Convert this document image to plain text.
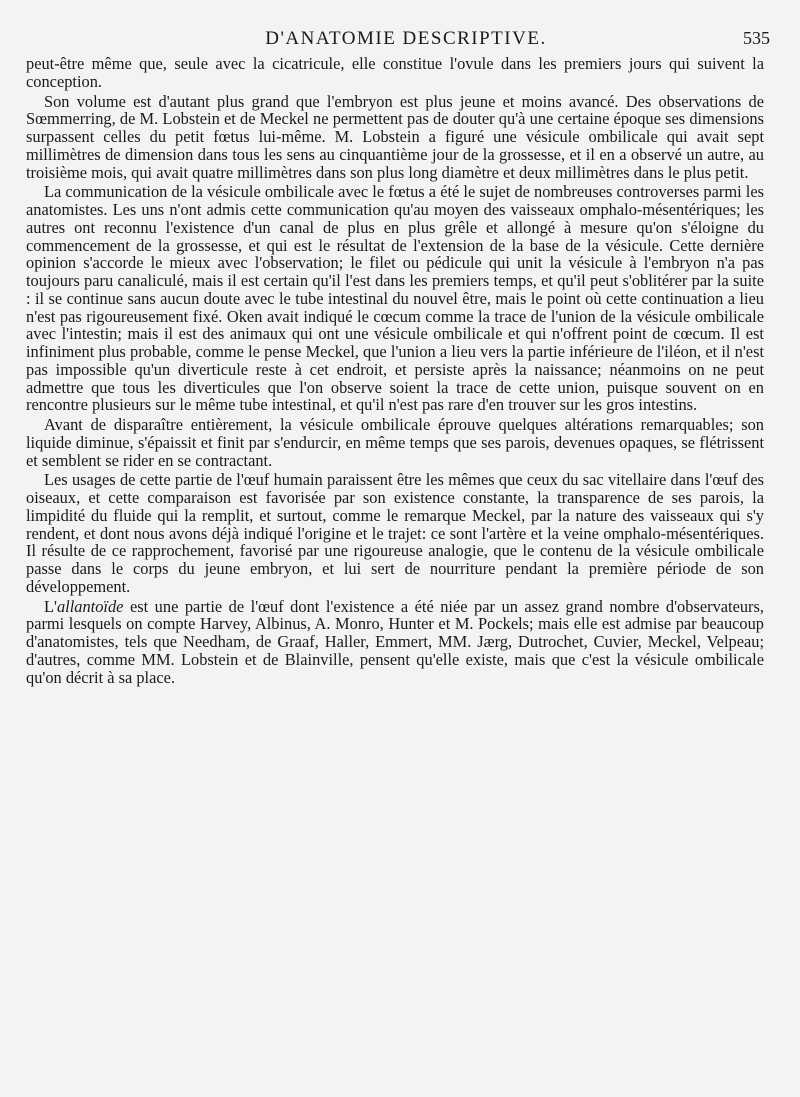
D'ANATOMIE DESCRIPTIVE.	535

peut-être même que, seule avec la cicatricule, elle constitue l'ovule dans les premiers jours qui suivent la conception.

Son volume est d'autant plus grand que l'embryon est plus jeune et moins avancé. Des observations de Sœmmerring, de M. Lobstein et de Meckel ne permettent pas de douter qu'à une certaine époque ses dimensions surpassent celles du petit fœtus lui-même. M. Lobstein a figuré une vésicule ombilicale qui avait sept millimètres de dimension dans tous les sens au cinquantième jour de la grossesse, et il en a observé un autre, au troisième mois, qui avait quatre millimètres dans son plus long diamètre et deux millimètres dans le plus petit.

La communication de la vésicule ombilicale avec le fœtus a été le sujet de nombreuses controverses parmi les anatomistes. Les uns n'ont admis cette communication qu'au moyen des vaisseaux omphalo-mésentériques; les autres ont reconnu l'existence d'un canal de plus en plus grêle et allongé à mesure qu'on s'éloigne du commencement de la grossesse, et qui est le résultat de l'extension de la base de la vésicule. Cette dernière opinion s'accorde le mieux avec l'observation; le filet ou pédicule qui unit la vésicule à l'embryon n'a pas toujours paru canaliculé, mais il est certain qu'il l'est dans les premiers temps, et qu'il peut s'oblitérer par la suite : il se continue sans aucun doute avec le tube intestinal du nouvel être, mais le point où cette continuation a lieu n'est pas rigoureusement fixé. Oken avait indiqué le cœcum comme la trace de l'union de la vésicule ombilicale avec l'intestin; mais il est des animaux qui ont une vésicule ombilicale et qui n'offrent point de cœcum. Il est infiniment plus probable, comme le pense Meckel, que l'union a lieu vers la partie inférieure de l'iléon, et il n'est pas impossible qu'un diverticule reste à cet endroit, et persiste après la naissance; néanmoins on ne peut admettre que tous les diverticules que l'on observe soient la trace de cette union, puisque souvent on en rencontre plusieurs sur le même tube intestinal, et qu'il n'est pas rare d'en trouver sur les gros intestins.

Avant de disparaître entièrement, la vésicule ombilicale éprouve quelques altérations remarquables; son liquide diminue, s'épaissit et finit par s'endurcir, en même temps que ses parois, devenues opaques, se flétrissent et semblent se rider en se contractant.

Les usages de cette partie de l'œuf humain paraissent être les mêmes que ceux du sac vitellaire dans l'œuf des oiseaux, et cette comparaison est favorisée par son existence constante, la transparence de ses parois, la limpidité du fluide qui la remplit, et surtout, comme le remarque Meckel, par la nature des vaisseaux qui s'y rendent, et dont nous avons déjà indiqué l'origine et le trajet: ce sont l'artère et la veine omphalo-mésentériques. Il résulte de ce rapprochement, favorisé par une rigoureuse analogie, que le contenu de la vésicule ombilicale passe dans le corps du jeune embryon, et lui sert de nourriture pendant la première période de son développement.

L'allantoïde est une partie de l'œuf dont l'existence a été niée par un assez grand nombre d'observateurs, parmi lesquels on compte Harvey, Albinus, A. Monro, Hunter et M. Pockels; mais elle est admise par beaucoup d'anatomistes, tels que Needham, de Graaf, Haller, Emmert, MM. Jærg, Dutrochet, Cuvier, Meckel, Velpeau; d'autres, comme MM. Lobstein et de Blainville, pensent qu'elle existe, mais que c'est la vésicule ombilicale qu'on décrit à sa place.
